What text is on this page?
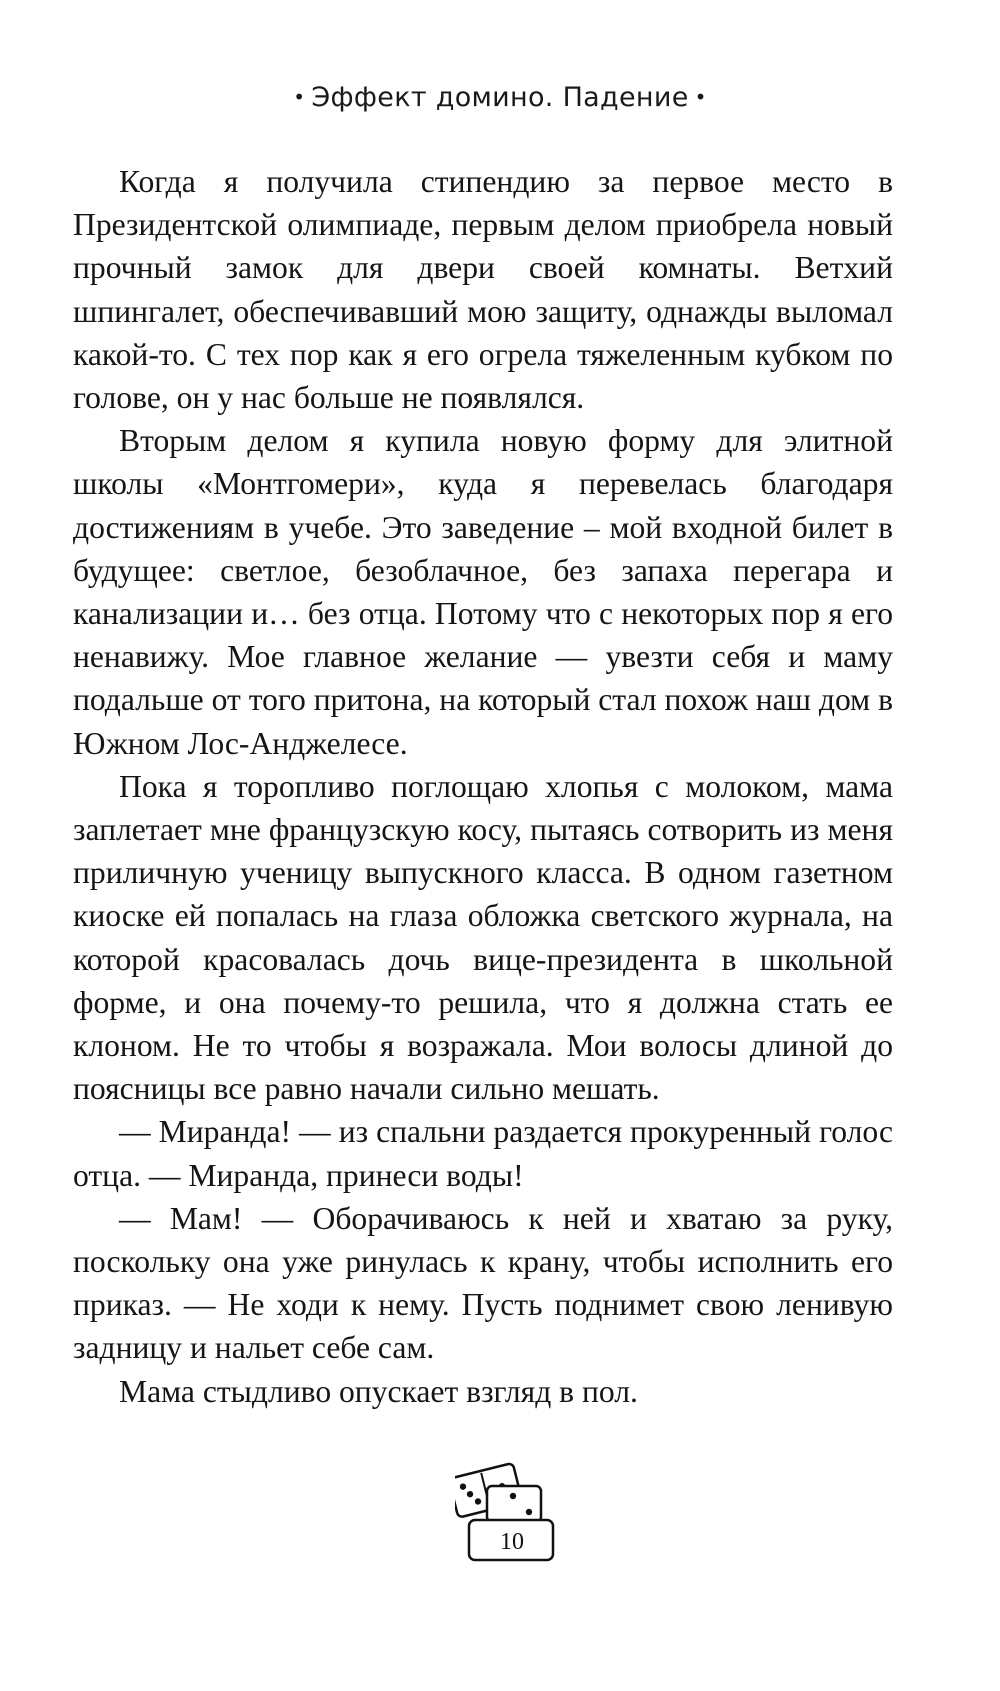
• Эффект домино. Падение •

Когда я получила стипендию за первое место в Президентской олимпиаде, первым делом приобрела новый прочный замок для двери своей комнаты. Ветхий шпингалет, обеспечивавший мою защиту, однажды выломал какой-то. С тех пор как я его огрела тяжеленным кубком по голове, он у нас больше не появлялся.

Вторым делом я купила новую форму для элитной школы «Монтгомери», куда я перевелась благодаря достижениям в учебе. Это заведение – мой входной билет в будущее: светлое, безоблачное, без запаха перегара и канализации и… без отца. Потому что с некоторых пор я его ненавижу. Мое главное желание — увезти себя и маму подальше от того притона, на который стал похож наш дом в Южном Лос-Анджелесе.

Пока я торопливо поглощаю хлопья с молоком, мама заплетает мне французскую косу, пытаясь сотворить из меня приличную ученицу выпускного класса. В одном газетном киоске ей попалась на глаза обложка светского журнала, на которой красовалась дочь вице-президента в школьной форме, и она почему-то решила, что я должна стать ее клоном. Не то чтобы я возражала. Мои волосы длиной до поясницы все равно начали сильно мешать.

— Миранда! — из спальни раздается прокуренный голос отца. — Миранда, принеси воды!

— Мам! — Оборачиваюсь к ней и хватаю за руку, поскольку она уже ринулась к крану, чтобы исполнить его приказ. — Не ходи к нему. Пусть поднимет свою ленивую задницу и нальет себе сам.

Мама стыдливо опускает взгляд в пол.

10
